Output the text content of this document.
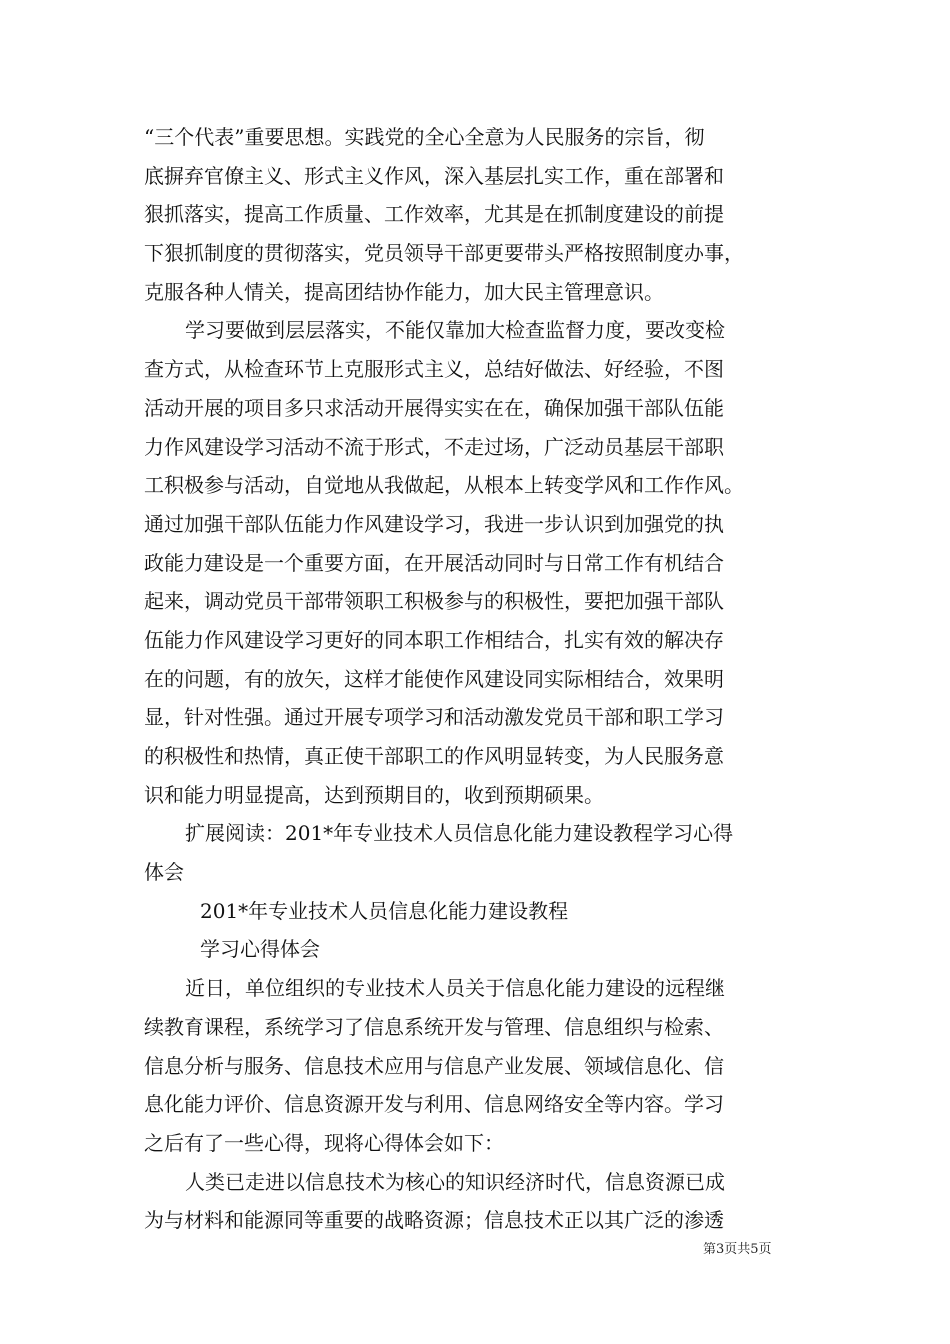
“三个代表”重要思想。实践党的全心全意为人民服务的宗旨，彻
底摒弃官僚主义、形式主义作风，深入基层扎实工作，重在部署和
狠抓落实，提高工作质量、工作效率，尤其是在抓制度建设的前提
下狠抓制度的贯彻落实，党员领导干部更要带头严格按照制度办事，
克服各种人情关，提高团结协作能力，加大民主管理意识。
学习要做到层层落实，不能仅靠加大检查监督力度，要改变检
查方式，从检查环节上克服形式主义，总结好做法、好经验，不图
活动开展的项目多只求活动开展得实实在在，确保加强干部队伍能
力作风建设学习活动不流于形式，不走过场，广泛动员基层干部职
工积极参与活动，自觉地从我做起，从根本上转变学风和工作作风。
通过加强干部队伍能力作风建设学习，我进一步认识到加强党的执
政能力建设是一个重要方面，在开展活动同时与日常工作有机结合
起来，调动党员干部带领职工积极参与的积极性，要把加强干部队
伍能力作风建设学习更好的同本职工作相结合，扎实有效的解决存
在的问题，有的放矢，这样才能使作风建设同实际相结合，效果明
显，针对性强。通过开展专项学习和活动激发党员干部和职工学习
的积极性和热情，真正使干部职工的作风明显转变，为人民服务意
识和能力明显提高，达到预期目的，收到预期硕果。
扩展阅读：201*年专业技术人员信息化能力建设教程学习心得
体会
201*年专业技术人员信息化能力建设教程
学习心得体会
近日，单位组织的专业技术人员关于信息化能力建设的远程继
续教育课程，系统学习了信息系统开发与管理、信息组织与检索、
信息分析与服务、信息技术应用与信息产业发展、领域信息化、信
息化能力评价、信息资源开发与利用、信息网络安全等内容。学习
之后有了一些心得，现将心得体会如下：
人类已走进以信息技术为核心的知识经济时代，信息资源已成
为与材料和能源同等重要的战略资源；信息技术正以其广泛的渗透
第3页共5页
